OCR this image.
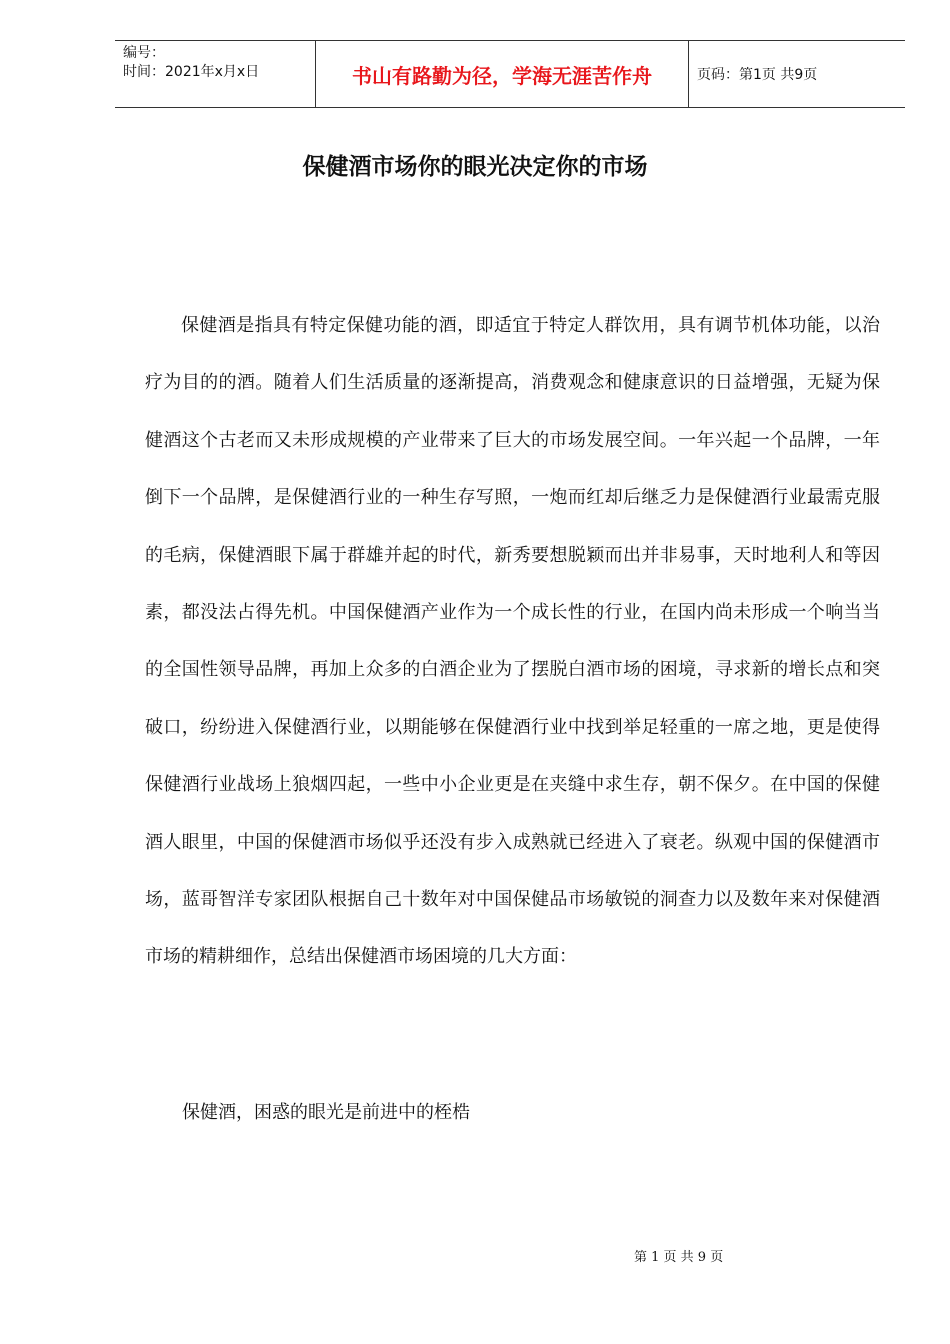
编号：
时间：2021年x月x日	书山有路勤为径，学海无涯苦作舟	页码：第1页 共9页
保健酒市场你的眼光决定你的市场
保健酒是指具有特定保健功能的酒，即适宜于特定人群饮用，具有调节机体功能，以治疗为目的的酒。随着人们生活质量的逐渐提高，消费观念和健康意识的日益增强，无疑为保健酒这个古老而又未形成规模的产业带来了巨大的市场发展空间。一年兴起一个品牌，一年倒下一个品牌，是保健酒行业的一种生存写照，一炮而红却后继乏力是保健酒行业最需克服的毛病，保健酒眼下属于群雄并起的时代，新秀要想脱颖而出并非易事，天时地利人和等因素，都没法占得先机。中国保健酒产业作为一个成长性的行业，在国内尚未形成一个响当当的全国性领导品牌，再加上众多的白酒企业为了摆脱白酒市场的困境，寻求新的增长点和突破口，纷纷进入保健酒行业，以期能够在保健酒行业中找到举足轻重的一席之地，更是使得保健酒行业战场上狼烟四起，一些中小企业更是在夹缝中求生存，朝不保夕。在中国的保健酒人眼里，中国的保健酒市场似乎还没有步入成熟就已经进入了衰老。纵观中国的保健酒市场，蓝哥智洋专家团队根据自己十数年对中国保健品市场敏锐的洞查力以及数年来对保健酒市场的精耕细作，总结出保健酒市场困境的几大方面：
保健酒，困惑的眼光是前进中的桎梏
第 1 页 共 9 页
